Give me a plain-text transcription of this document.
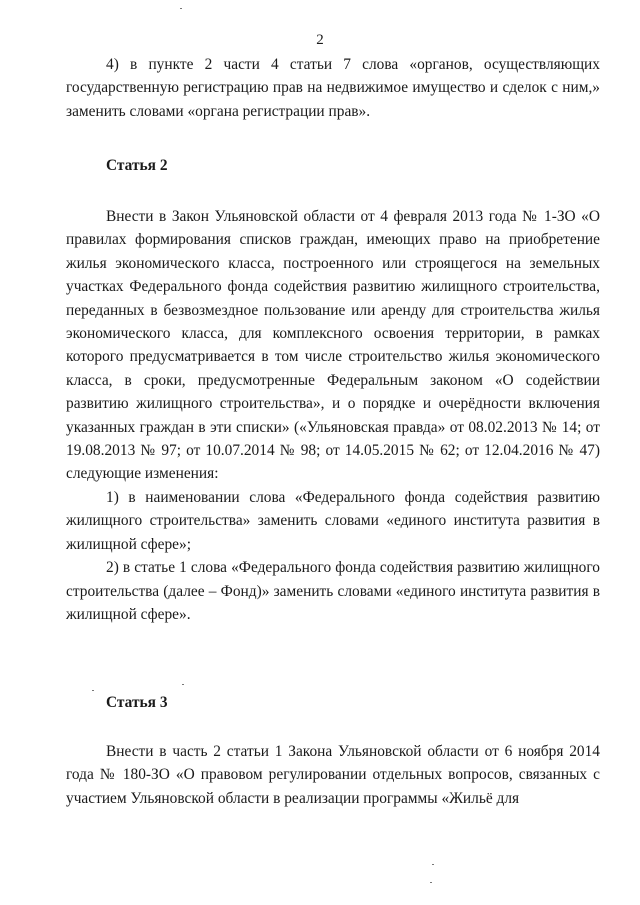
2

4) в пункте 2 части 4 статьи 7 слова «органов, осуществляющих государственную регистрацию прав на недвижимое имущество и сделок с ним,» заменить словами «органа регистрации прав».

Статья 2

Внести в Закон Ульяновской области от 4 февраля 2013 года № 1-ЗО «О правилах формирования списков граждан, имеющих право на приобретение жилья экономического класса, построенного или строящегося на земельных участках Федерального фонда содействия развитию жилищного строительства, переданных в безвозмездное пользование или аренду для строительства жилья экономического класса, для комплексного освоения территории, в рамках которого предусматривается в том числе строительство жилья экономического класса, в сроки, предусмотренные Федеральным законом «О содействии развитию жилищного строительства», и о порядке и очерёдности включения указанных граждан в эти списки» («Ульяновская правда» от 08.02.2013 № 14; от 19.08.2013 № 97; от 10.07.2014 № 98; от 14.05.2015 № 62; от 12.04.2016 № 47) следующие изменения:

1) в наименовании слова «Федерального фонда содействия развитию жилищного строительства» заменить словами «единого института развития в жилищной сфере»;

2) в статье 1 слова «Федерального фонда содействия развитию жилищного строительства (далее – Фонд)» заменить словами «единого института развития в жилищной сфере».

Статья 3

Внести в часть 2 статьи 1 Закона Ульяновской области от 6 ноября 2014 года № 180-ЗО «О правовом регулировании отдельных вопросов, связанных с участием Ульяновской области в реализации программы «Жильё для
